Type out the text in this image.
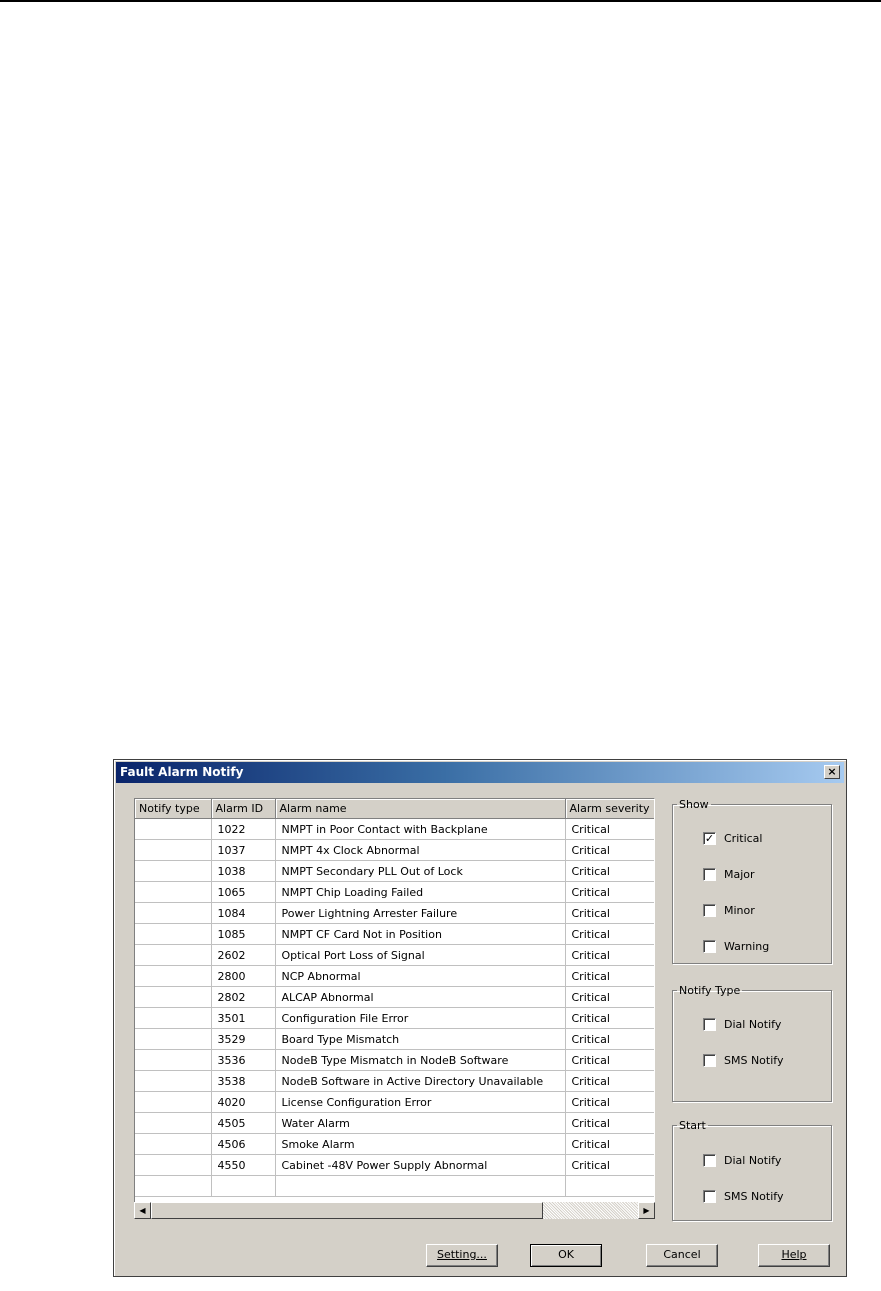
Fault Alarm Notify	×
Notify type	Alarm ID	Alarm name	Alarm severity
	1022	NMPT in Poor Contact with Backplane	Critical
	1037	NMPT 4x Clock Abnormal	Critical
	1038	NMPT Secondary PLL Out of Lock	Critical
	1065	NMPT Chip Loading Failed	Critical
	1084	Power Lightning Arrester Failure	Critical
	1085	NMPT CF Card Not in Position	Critical
	2602	Optical Port Loss of Signal	Critical
	2800	NCP Abnormal	Critical
	2802	ALCAP Abnormal	Critical
	3501	Configuration File Error	Critical
	3529	Board Type Mismatch	Critical
	3536	NodeB Type Mismatch in NodeB Software	Critical
	3538	NodeB Software in Active Directory Unavailable	Critical
	4020	License Configuration Error	Critical
	4505	Water Alarm	Critical
	4506	Smoke Alarm	Critical
	4550	Cabinet -48V Power Supply Abnormal	Critical

◀	▶
Show
✓ Critical
Major
Minor
Warning
Notify Type
Dial Notify
SMS Notify
Start
Dial Notify
SMS Notify
Setting...	OK	Cancel	Help
